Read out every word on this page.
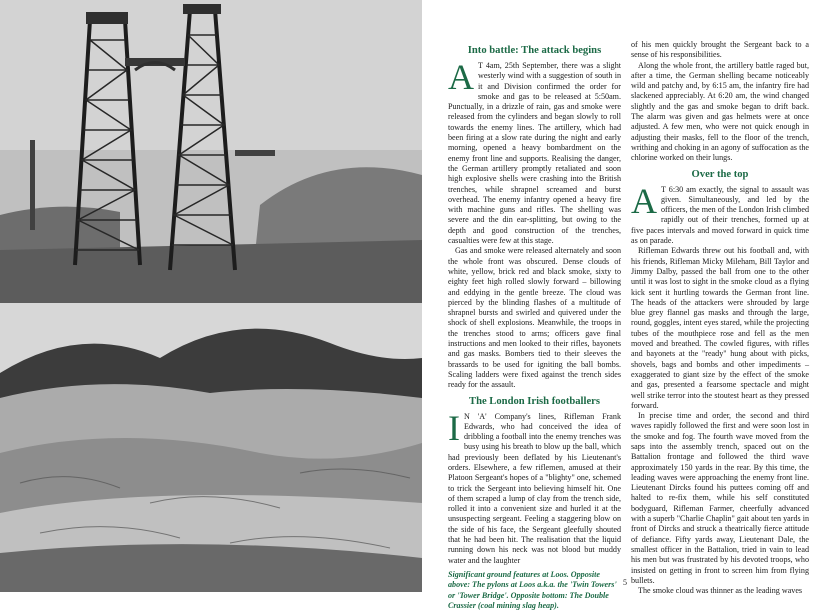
Into battle: The attack begins

A T 4am, 25th September, there was a slight westerly wind with a suggestion of south in it and Division confirmed the order for smoke and gas to be released at 5:50am. Punctually, in a drizzle of rain, gas and smoke were released from the cylinders and began slowly to roll towards the enemy lines. The artillery, which had been firing at a slow rate during the night and early morning, opened a heavy bombardment on the enemy front line and supports. Realising the danger, the German artillery promptly retaliated and soon high explosive shells were crashing into the British trenches, while shrapnel screamed and burst overhead. The enemy infantry opened a heavy fire with machine guns and rifles. The shelling was severe and the din ear-splitting, but owing to the depth and good construction of the trenches, casualties were few at this stage.

Gas and smoke were released alternately and soon the whole front was obscured. Dense clouds of white, yellow, brick red and black smoke, sixty to eighty feet high rolled slowly forward – billowing and eddying in the gentle breeze. The cloud was pierced by the blinding flashes of a multitude of shrapnel bursts and swirled and quivered under the shock of shell explosions. Meanwhile, the troops in the trenches stood to arms; officers gave final instructions and men looked to their rifles, bayonets and gas masks. Bombers tied to their sleeves the brassards to be used for igniting the ball bombs. Scaling ladders were fixed against the trench sides ready for the assault.

The London Irish footballers

I N 'A' Company's lines, Rifleman Frank Edwards, who had conceived the idea of dribbling a football into the enemy trenches was busy using his breath to blow up the ball, which had previously been deflated by his Lieutenant's orders. Elsewhere, a few riflemen, amused at their Platoon Sergeant's hopes of a "blighty" one, schemed to trick the Sergeant into believing himself hit. One of them scraped a lump of clay from the trench side, rolled it into a convenient size and hurled it at the unsuspecting sergeant. Feeling a staggering blow on the side of his face, the Sergeant gleefully shouted that he had been hit. The realisation that the liquid running down his neck was not blood but muddy water and the laughter

Significant ground features at Loos. Opposite above: The pylons at Loos a.k.a. the 'Twin Towers' or 'Tower Bridge'. Opposite bottom: The Double Crassier (coal mining slag heap).

of his men quickly brought the Sergeant back to a sense of his responsibilities.

Along the whole front, the artillery battle raged but, after a time, the German shelling became noticeably wild and patchy and, by 6:15 am, the infantry fire had slackened appreciably. At 6:20 am, the wind changed slightly and the gas and smoke began to drift back. The alarm was given and gas helmets were at once adjusted. A few men, who were not quick enough in adjusting their masks, fell to the floor of the trench, writhing and choking in an agony of suffocation as the chlorine worked on their lungs.

Over the top

A T 6:30 am exactly, the signal to assault was given. Simultaneously, and led by the officers, the men of the London Irish climbed rapidly out of their trenches, formed up at five paces intervals and moved forward in quick time as on parade.

Rifleman Edwards threw out his football and, with his friends, Rifleman Micky Mileham, Bill Taylor and Jimmy Dalby, passed the ball from one to the other until it was lost to sight in the smoke cloud as a flying kick sent it hurtling towards the German front line. The heads of the attackers were shrouded by large blue grey flannel gas masks and through the large, round, goggles, intent eyes stared, while the projecting tubes of the mouthpiece rose and fell as the men moved and breathed. The cowled figures, with rifles and bayonets at the "ready" hung about with picks, shovels, bags and bombs and other impediments – exaggerated to giant size by the effect of the smoke and gas, presented a fearsome spectacle and might well strike terror into the stoutest heart as they pressed forward.

In precise time and order, the second and third waves rapidly followed the first and were soon lost in the smoke and fog. The fourth wave moved from the saps into the assembly trench, spaced out on the Battalion frontage and followed the third wave approximately 150 yards in the rear. By this time, the leading waves were approaching the enemy front line. Lieutenant Dircks found his puttees coming off and halted to re-fix them, while his self constituted bodyguard, Rifleman Farmer, cheerfully advanced with a superb "Charlie Chaplin" gait about ten yards in front of Dircks and struck a theatrically fierce attitude of defiance. Fifty yards away, Lieutenant Dale, the smallest officer in the Battalion, tried in vain to lead his men but was frustrated by his devoted troops, who insisted on getting in front to screen him from flying bullets.

The smoke cloud was thinner as the leading waves

5
